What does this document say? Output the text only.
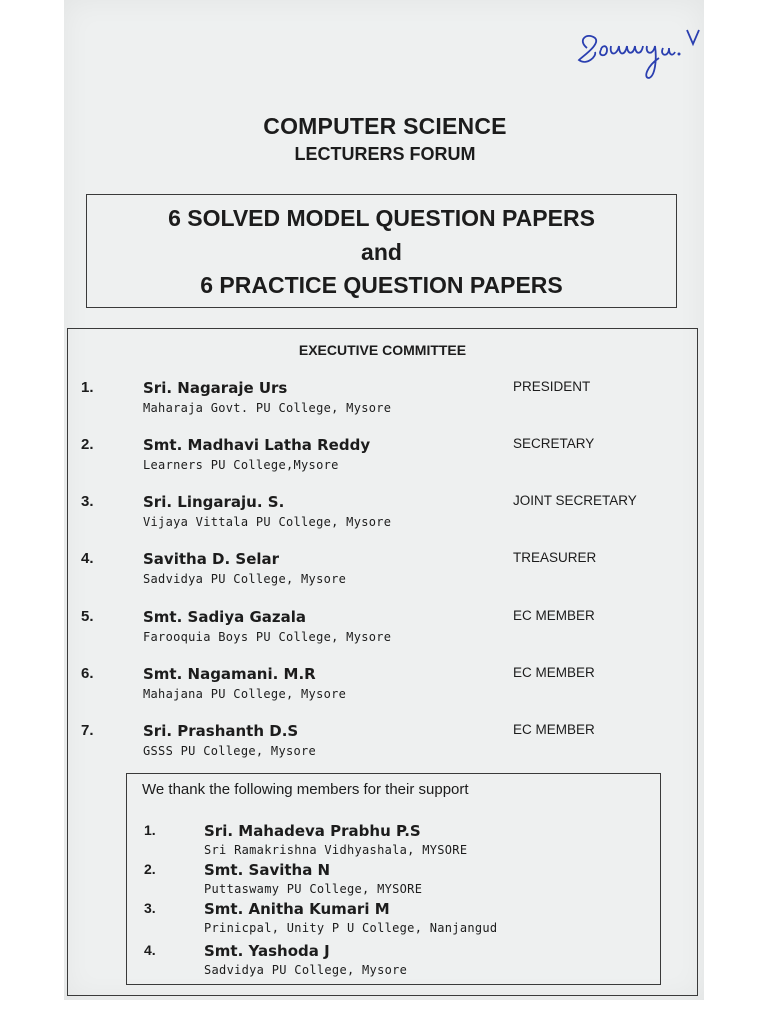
COMPUTER SCIENCE
LECTURERS FORUM
6 SOLVED MODEL QUESTION PAPERS
and
6 PRACTICE QUESTION PAPERS
EXECUTIVE COMMITTEE
1.	Sri. Nagaraje Urs
Maharaja Govt. PU College, Mysore
PRESIDENT
2.	Smt. Madhavi Latha Reddy
Learners PU College,Mysore
SECRETARY
3.	Sri. Lingaraju. S.
Vijaya Vittala PU College, Mysore
JOINT SECRETARY
4.	Savitha D. Selar
Sadvidya PU College, Mysore
TREASURER
5.	Smt. Sadiya Gazala
Farooquia Boys PU College, Mysore
EC MEMBER
6.	Smt. Nagamani. M.R
Mahajana PU College, Mysore
EC MEMBER
7.	Sri. Prashanth D.S
GSSS PU College, Mysore
EC MEMBER
We thank the following members for their support
1.	Sri. Mahadeva Prabhu P.S
Sri Ramakrishna Vidhyashala, MYSORE
2.	Smt. Savitha N
Puttaswamy PU College, MYSORE
3.	Smt. Anitha Kumari M
Prinicpal, Unity P U College, Nanjangud
4.	Smt. Yashoda J
Sadvidya PU College, Mysore
